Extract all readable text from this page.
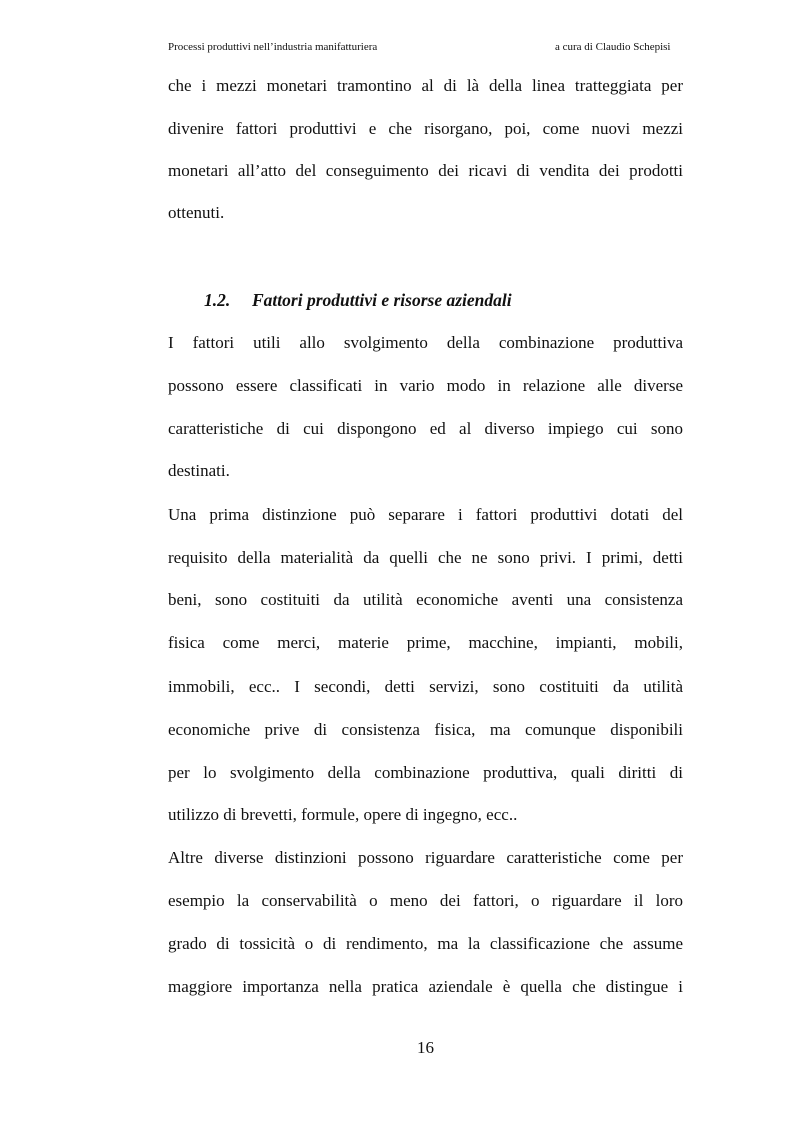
Processi produttivi nell’industria manifatturiera	a cura di Claudio Schepisi
che i mezzi monetari tramontino al di là della linea tratteggiata per
divenire fattori produttivi e che risorgano, poi, come nuovi mezzi
monetari all’atto del conseguimento dei ricavi di vendita dei prodotti
ottenuti.
1.2. Fattori produttivi e risorse aziendali
I fattori utili allo svolgimento della combinazione produttiva
possono essere classificati in vario modo in relazione alle diverse
caratteristiche di cui dispongono ed al diverso impiego cui sono
destinati.
Una prima distinzione può separare i fattori produttivi dotati del
requisito della materialità da quelli che ne sono privi. I primi, detti
beni, sono costituiti da utilità economiche aventi una consistenza
fisica come merci, materie prime, macchine, impianti, mobili,
immobili, ecc.. I secondi, detti servizi, sono costituiti da utilità
economiche prive di consistenza fisica, ma comunque disponibili
per lo svolgimento della combinazione produttiva, quali diritti di
utilizzo di brevetti, formule, opere di ingegno, ecc..
Altre diverse distinzioni possono riguardare caratteristiche come per
esempio la conservabilità o meno dei fattori, o riguardare il loro
grado di tossicità o di rendimento, ma la classificazione che assume
maggiore importanza nella pratica aziendale è quella che distingue i
16
